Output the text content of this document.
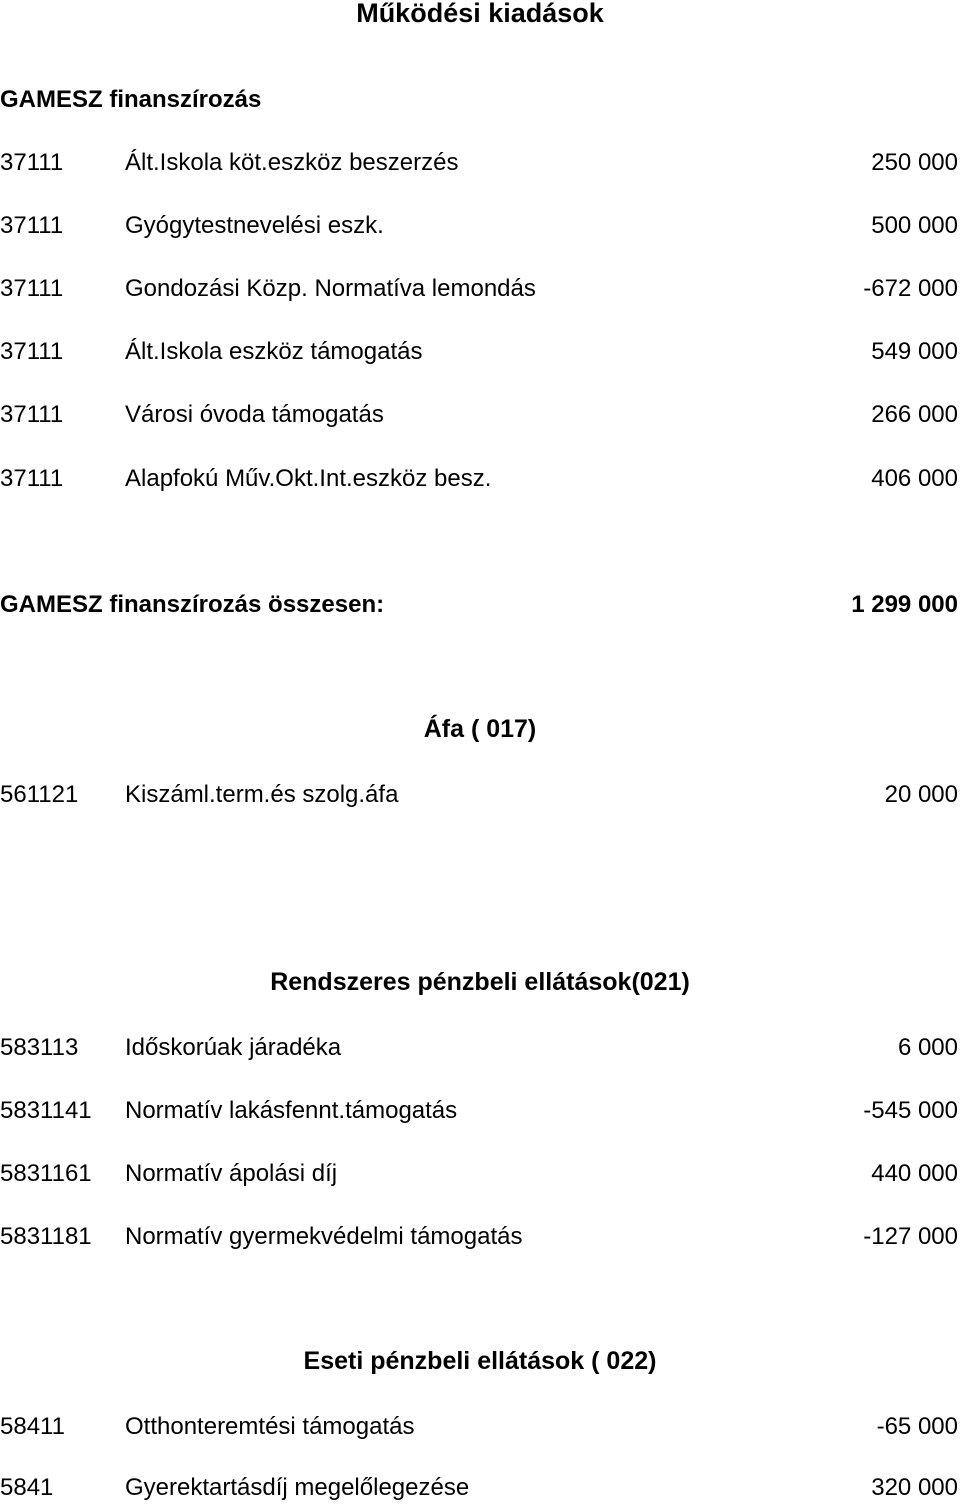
Működési kiadások
GAMESZ finanszírozás
37111	Ált.Iskola köt.eszköz beszerzés	250 000
37111	Gyógytestnevelési eszk.	500 000
37111	Gondozási Közp. Normatíva lemondás	-672 000
37111	Ált.Iskola eszköz támogatás	549 000
37111	Városi óvoda támogatás	266 000
37111	Alapfokú Műv.Okt.Int.eszköz besz.	406 000
GAMESZ finanszírozás összesen:	1 299 000
Áfa ( 017)
561121 Kiszáml.term.és szolg.áfa	20 000
Rendszeres pénzbeli ellátások(021)
583113 Időskorúak járadéka	6 000
5831141 Normatív lakásfennt.támogatás	-545 000
5831161 Normatív ápolási díj	440 000
5831181 Normatív gyermekvédelmi támogatás	-127 000
Eseti pénzbeli ellátások ( 022)
58411	Otthonteremtési támogatás	-65 000
5841	Gyerektartásdíj megelőlegezése	320 000
